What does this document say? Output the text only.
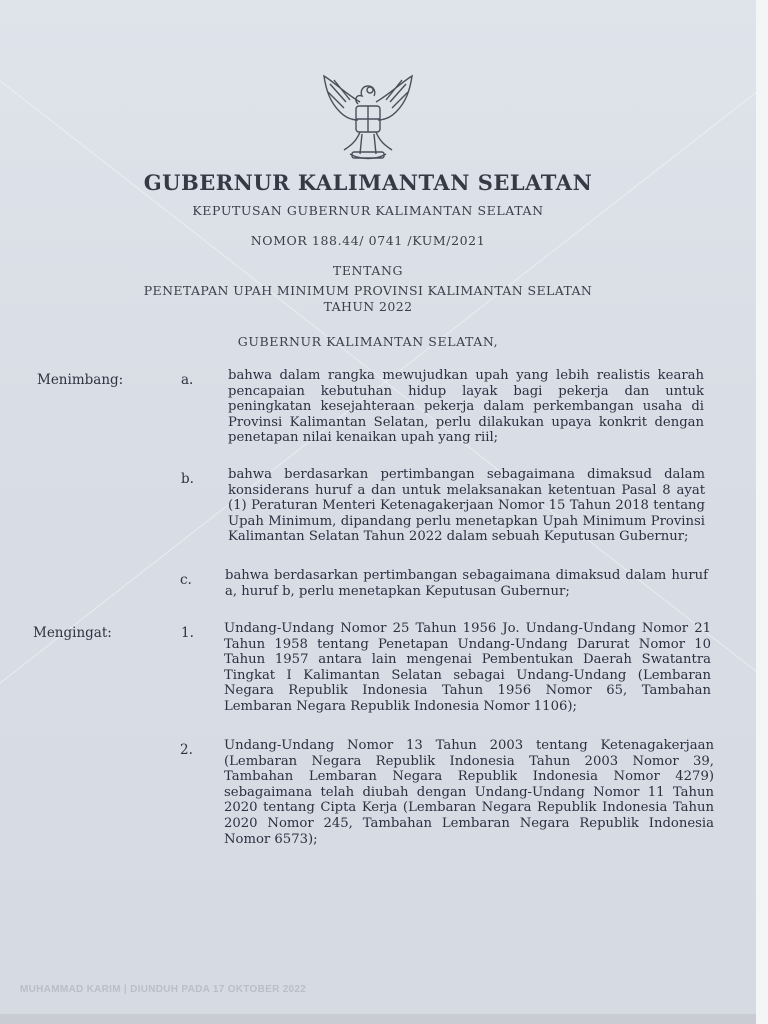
GUBERNUR KALIMANTAN SELATAN
KEPUTUSAN GUBERNUR KALIMANTAN SELATAN
NOMOR 188.44/ 0741 /KUM/2021
TENTANG
PENETAPAN UPAH MINIMUM PROVINSI KALIMANTAN SELATAN
TAHUN 2022
GUBERNUR KALIMANTAN SELATAN,
Menimbang:	a.	bahwa dalam rangka mewujudkan upah yang lebih realistis kearah pencapaian kebutuhan hidup layak bagi pekerja dan untuk peningkatan kesejahteraan pekerja dalam perkembangan usaha di Provinsi Kalimantan Selatan, perlu dilakukan upaya konkrit dengan penetapan nilai kenaikan upah yang riil;
b.	bahwa berdasarkan pertimbangan sebagaimana dimaksud dalam konsiderans huruf a dan untuk melaksanakan ketentuan Pasal 8 ayat (1) Peraturan Menteri Ketenagakerjaan Nomor 15 Tahun 2018 tentang Upah Minimum, dipandang perlu menetapkan Upah Minimum Provinsi Kalimantan Selatan Tahun 2022 dalam sebuah Keputusan Gubernur;
c.	bahwa berdasarkan pertimbangan sebagaimana dimaksud dalam huruf a, huruf b, perlu menetapkan Keputusan Gubernur;
Mengingat:	1. Undang-Undang Nomor 25 Tahun 1956 Jo. Undang-Undang Nomor 21 Tahun 1958 tentang Penetapan Undang-Undang Darurat Nomor 10 Tahun 1957 antara lain mengenai Pembentukan Daerah Swatantra Tingkat I Kalimantan Selatan sebagai Undang-Undang (Lembaran Negara Republik Indonesia Tahun 1956 Nomor 65, Tambahan Lembaran Negara Republik Indonesia Nomor 1106);
2. Undang-Undang Nomor 13 Tahun 2003 tentang Ketenagakerjaan (Lembaran Negara Republik Indonesia Tahun 2003 Nomor 39, Tambahan Lembaran Negara Republik Indonesia Nomor 4279) sebagaimana telah diubah dengan Undang-Undang Nomor 11 Tahun 2020 tentang Cipta Kerja (Lembaran Negara Republik Indonesia Tahun 2020 Nomor 245, Tambahan Lembaran Negara Republik Indonesia Nomor 6573);
MUHAMMAD KARIM | DIUNDUH PADA 17 OKTOBER 2022
